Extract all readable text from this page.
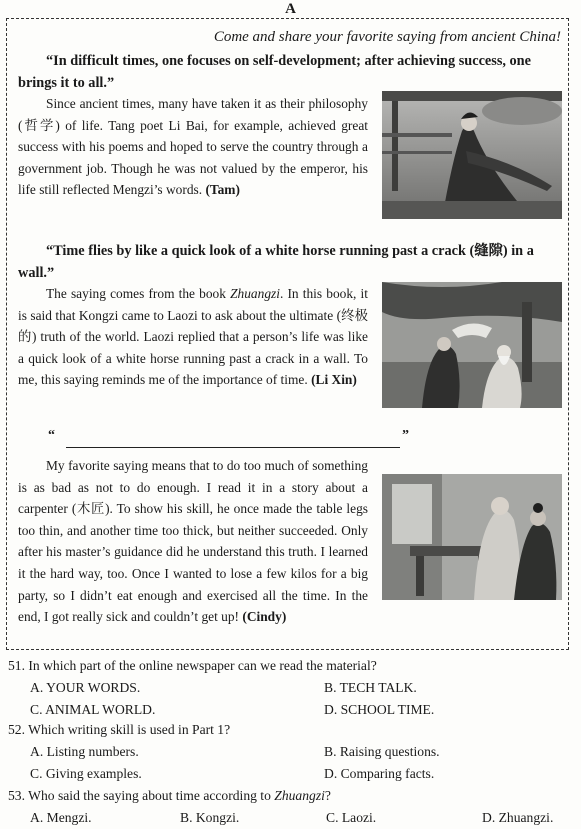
A
Come and share your favorite saying from ancient China!

“In difficult times, one focuses on self-development; after achieving success, one brings it to all.”

Since ancient times, many have taken it as their philosophy (哲学) of life. Tang poet Li Bai, for example, achieved great success with his poems and hoped to serve the country through a government job. Though he was not valued by the emperor, his life still reflected Mengzi’s words. (Tam)

“Time flies by like a quick look of a white horse running past a crack (缝隙) in a wall.”

The saying comes from the book Zhuangzi. In this book, it is said that Kongzi came to Laozi to ask about the ultimate (终极的) truth of the world. Laozi replied that a person’s life was like a quick look of a white horse running past a crack in a wall. To me, this saying reminds me of the importance of time. (Li Xin)

“	”

My favorite saying means that to do too much of something is as bad as not to do enough. I read it in a story about a carpenter (木匠). To show his skill, he once made the table legs too thin, and another time too thick, but neither succeeded. Only after his master’s guidance did he understand this truth. I learned it the hard way, too. Once I wanted to lose a few kilos for a big party, so I didn’t eat enough and exercised all the time. In the end, I got really sick and couldn’t get up! (Cindy)

51. In which part of the online newspaper can we read the material?
A. YOUR WORDS.	B. TECH TALK.
C. ANIMAL WORLD.	D. SCHOOL TIME.
52. Which writing skill is used in Part 1?
A. Listing numbers.	B. Raising questions.
C. Giving examples.	D. Comparing facts.
53. Who said the saying about time according to Zhuangzi?
A. Mengzi.	B. Kongzi.	C. Laozi.	D. Zhuangzi.
